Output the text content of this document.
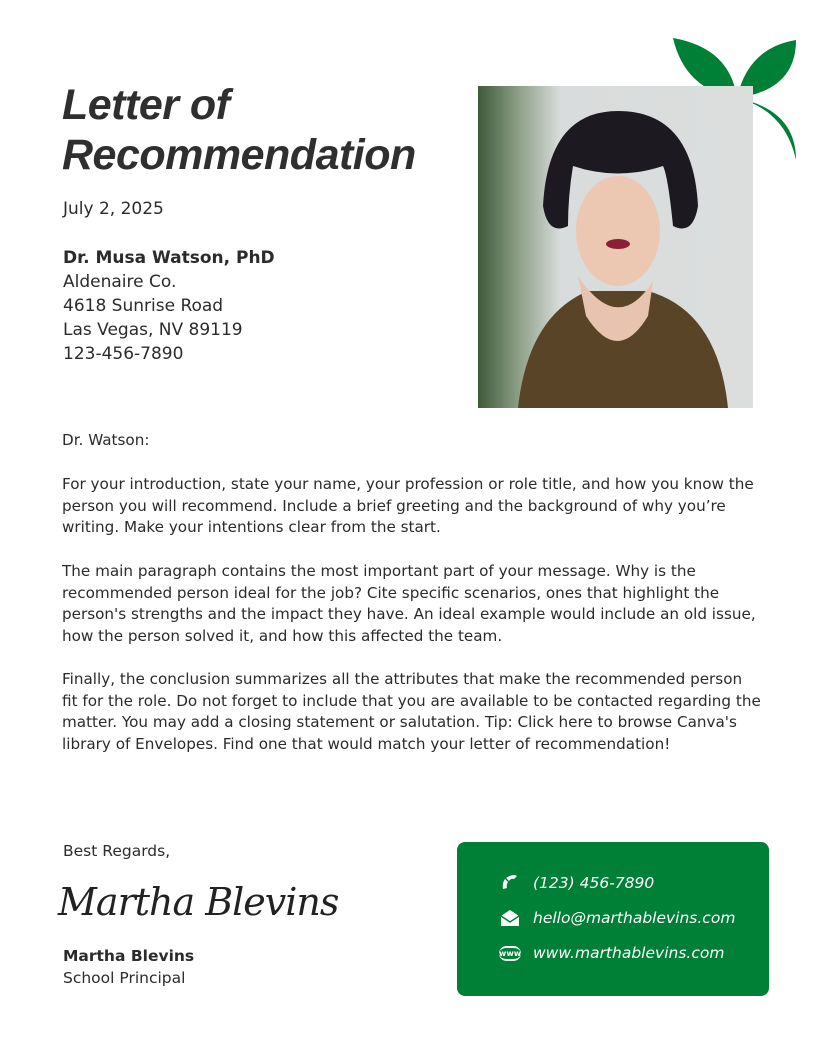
Letter of
Recommendation
July 2, 2025
Dr. Musa Watson, PhD
Aldenaire Co.
4618 Sunrise Road
Las Vegas, NV 89119
123-456-7890
Dr. Watson:
For your introduction, state your name, your profession or role title, and how you know the person you will recommend. Include a brief greeting and the background of why you’re writing. Make your intentions clear from the start.
The main paragraph contains the most important part of your message. Why is the recommended person ideal for the job? Cite specific scenarios, ones that highlight the person's strengths and the impact they have. An ideal example would include an old issue, how the person solved it, and how this affected the team.
Finally, the conclusion summarizes all the attributes that make the recommended person fit for the role. Do not forget to include that you are available to be contacted regarding the matter. You may add a closing statement or salutation. Tip: Click here to browse Canva's library of Envelopes. Find one that would match your letter of recommendation!
Best Regards,
Martha Blevins
Martha Blevins
School Principal
(123) 456-7890
hello@marthablevins.com
www www.marthablevins.com
